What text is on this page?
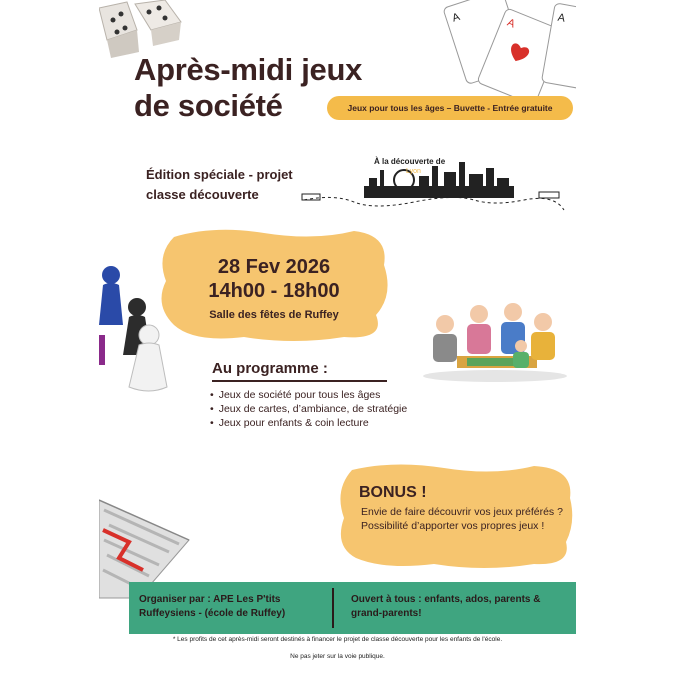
A	A	A
Après-midi jeux
de société	Jeux pour tous les âges – Buvette - Entrée gratuite
Édition spéciale - projet
classe découverte
À la découverte de
Lyon
28 Fev 2026
14h00 - 18h00
Salle des fêtes de Ruffey
Au programme :
• Jeux de société pour tous les âges
• Jeux de cartes, d’ambiance, de stratégie
• Jeux pour enfants & coin lecture
BONUS !
Envie de faire découvrir vos jeux préférés ? Possibilité d’apporter vos propres jeux !
Organiser par : APE Les P'tits Ruffeysiens - (école de Ruffey)
Ouvert à tous : enfants, ados, parents & grand-parents!
* Les profits de cet après-midi seront destinés à financer le projet de classe découverte pour les enfants de l'école.
Ne pas jeter sur la voie publique.
